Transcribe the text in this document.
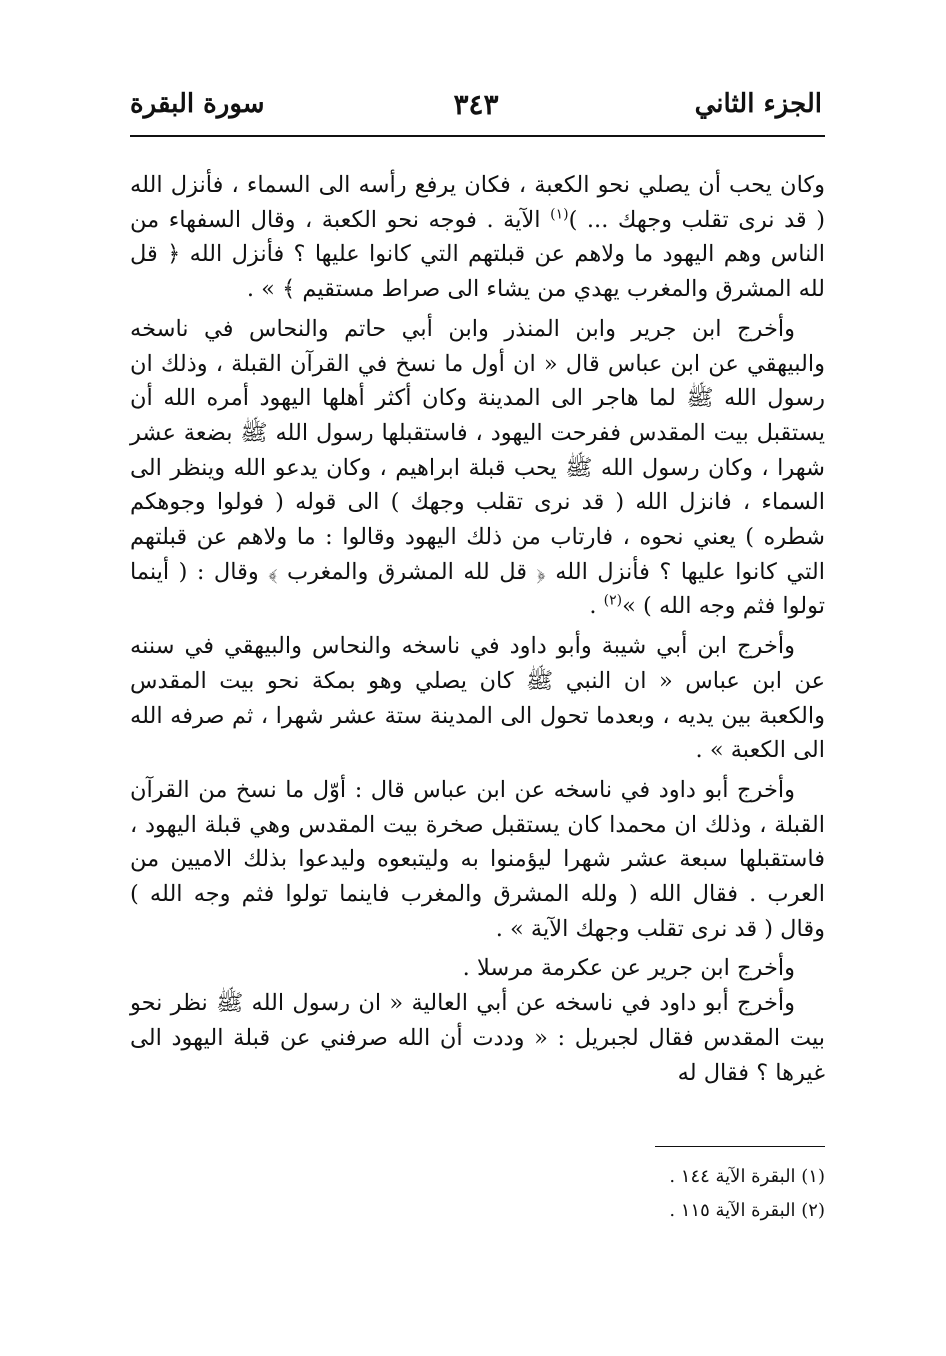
الجزء الثاني
٣٤٣
سورة البقرة

وكان يحب أن يصلي نحو الكعبة ، فكان يرفع رأسه الى السماء ، فأنزل الله ( قد نرى تقلب وجهك ... )$^{(١)}$ الآية . فوجه نحو الكعبة ، وقال السفهاء من الناس وهم اليهود ما ولاهم عن قبلتهم التي كانوا عليها ؟ فأنزل الله ﴿ قل لله المشرق والمغرب يهدي من يشاء الى صراط مستقيم ﴾ » .

وأخرج ابن جرير وابن المنذر وابن أبي حاتم والنحاس في ناسخه والبيهقي عن ابن عباس قال « ان أول ما نسخ في القرآن القبلة ، وذلك ان رسول الله ﷺ لما هاجر الى المدينة وكان أكثر أهلها اليهود أمره الله أن يستقبل بيت المقدس ففرحت اليهود ، فاستقبلها رسول الله ﷺ بضعة عشر شهرا ، وكان رسول الله ﷺ يحب قبلة ابراهيم ، وكان يدعو الله وينظر الى السماء ، فانزل الله ( قد نرى تقلب وجهك ) الى قوله ( فولوا وجوهكم شطره ) يعني نحوه ، فارتاب من ذلك اليهود وقالوا : ما ولاهم عن قبلتهم التي كانوا عليها ؟ فأنزل الله ﴿ قل لله المشرق والمغرب ﴾ وقال : ( أينما تولوا فثم وجه الله ) »$^{(٢)}$ .

وأخرج ابن أبي شيبة وأبو داود في ناسخه والنحاس والبيهقي في سننه عن ابن عباس « ان النبي ﷺ كان يصلي وهو بمكة نحو بيت المقدس والكعبة بين يديه ، وبعدما تحول الى المدينة ستة عشر شهرا ، ثم صرفه الله الى الكعبة » .

وأخرج أبو داود في ناسخه عن ابن عباس قال : أوّل ما نسخ من القرآن القبلة ، وذلك ان محمدا كان يستقبل صخرة بيت المقدس وهي قبلة اليهود ، فاستقبلها سبعة عشر شهرا ليؤمنوا به وليتبعوه وليدعوا بذلك الاميين من العرب . فقال الله ( ولله المشرق والمغرب فاينما تولوا فثم وجه الله ) وقال ( قد نرى تقلب وجهك الآية » .

وأخرج ابن جرير عن عكرمة مرسلا .

وأخرج أبو داود في ناسخه عن أبي العالية « ان رسول الله ﷺ نظر نحو بيت المقدس فقال لجبريل : « وددت أن الله صرفني عن قبلة اليهود الى غيرها ؟ فقال له

(١) البقرة الآية ١٤٤ .
(٢) البقرة الآية ١١٥ .
